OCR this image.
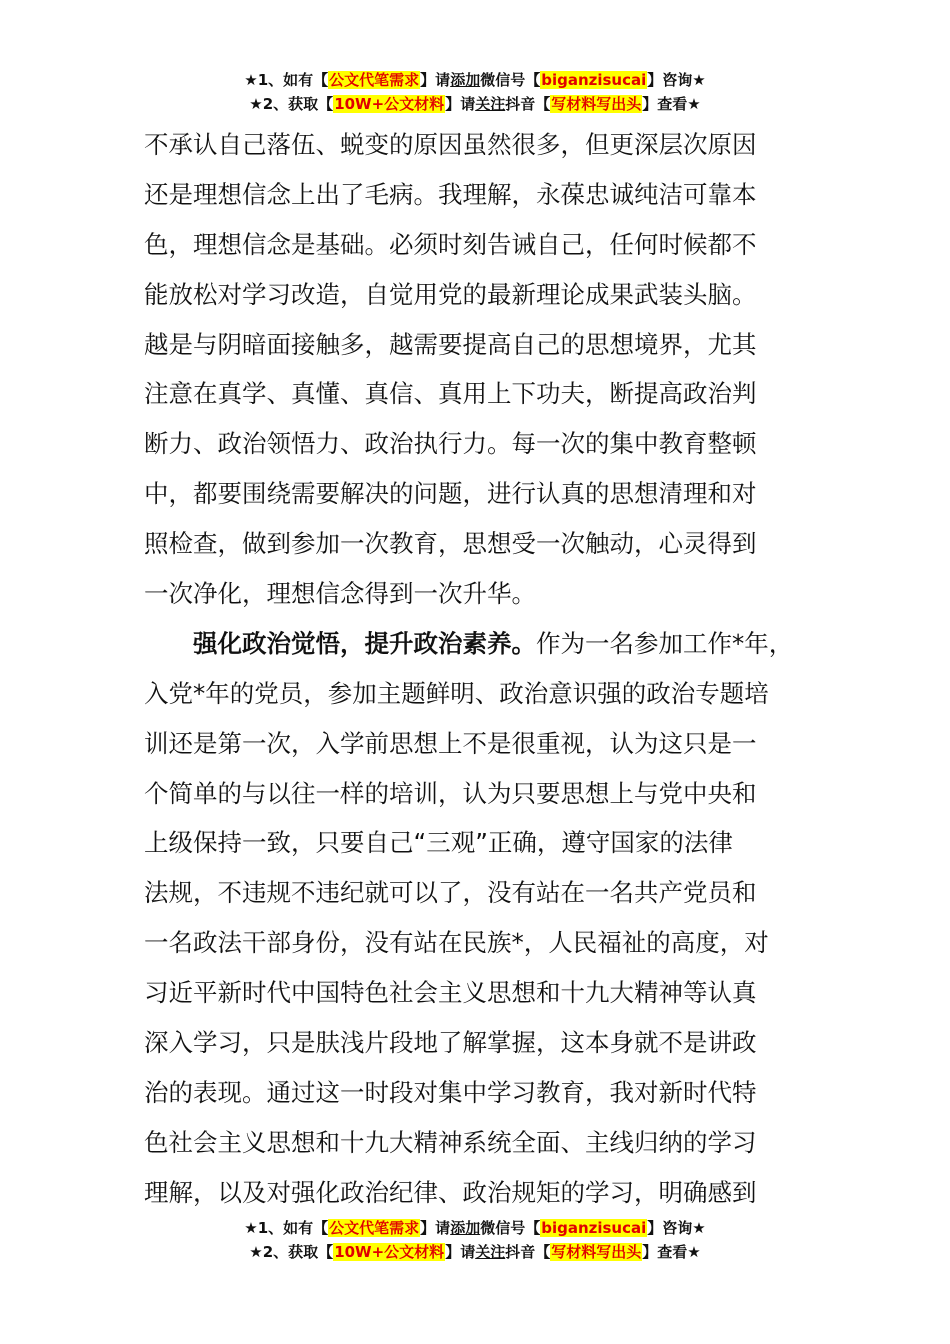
★1、如有【公文代笔需求】请添加微信号【biganzisucai】咨询★
★2、获取【10W+公文材料】请关注抖音【写材料写出头】查看★
不承认自己落伍、蜕变的原因虽然很多，但更深层次原因
还是理想信念上出了毛病。我理解，永葆忠诚纯洁可靠本
色，理想信念是基础。必须时刻告诫自己，任何时候都不
能放松对学习改造，自觉用党的最新理论成果武装头脑。
越是与阴暗面接触多，越需要提高自己的思想境界，尤其
注意在真学、真懂、真信、真用上下功夫，断提高政治判
断力、政治领悟力、政治执行力。每一次的集中教育整顿
中，都要围绕需要解决的问题，进行认真的思想清理和对
照检查，做到参加一次教育，思想受一次触动，心灵得到
一次净化，理想信念得到一次升华。
强化政治觉悟，提升政治素养。作为一名参加工作*年，
入党*年的党员，参加主题鲜明、政治意识强的政治专题培
训还是第一次，入学前思想上不是很重视，认为这只是一
个简单的与以往一样的培训，认为只要思想上与党中央和
上级保持一致，只要自己“三观”正确，遵守国家的法律
法规，不违规不违纪就可以了，没有站在一名共产党员和
一名政法干部身份，没有站在民族*，人民福祉的高度，对
习近平新时代中国特色社会主义思想和十九大精神等认真
深入学习，只是肤浅片段地了解掌握，这本身就不是讲政
治的表现。通过这一时段对集中学习教育，我对新时代特
色社会主义思想和十九大精神系统全面、主线归纳的学习
理解，以及对强化政治纪律、政治规矩的学习，明确感到
★1、如有【公文代笔需求】请添加微信号【biganzisucai】咨询★
★2、获取【10W+公文材料】请关注抖音【写材料写出头】查看★
